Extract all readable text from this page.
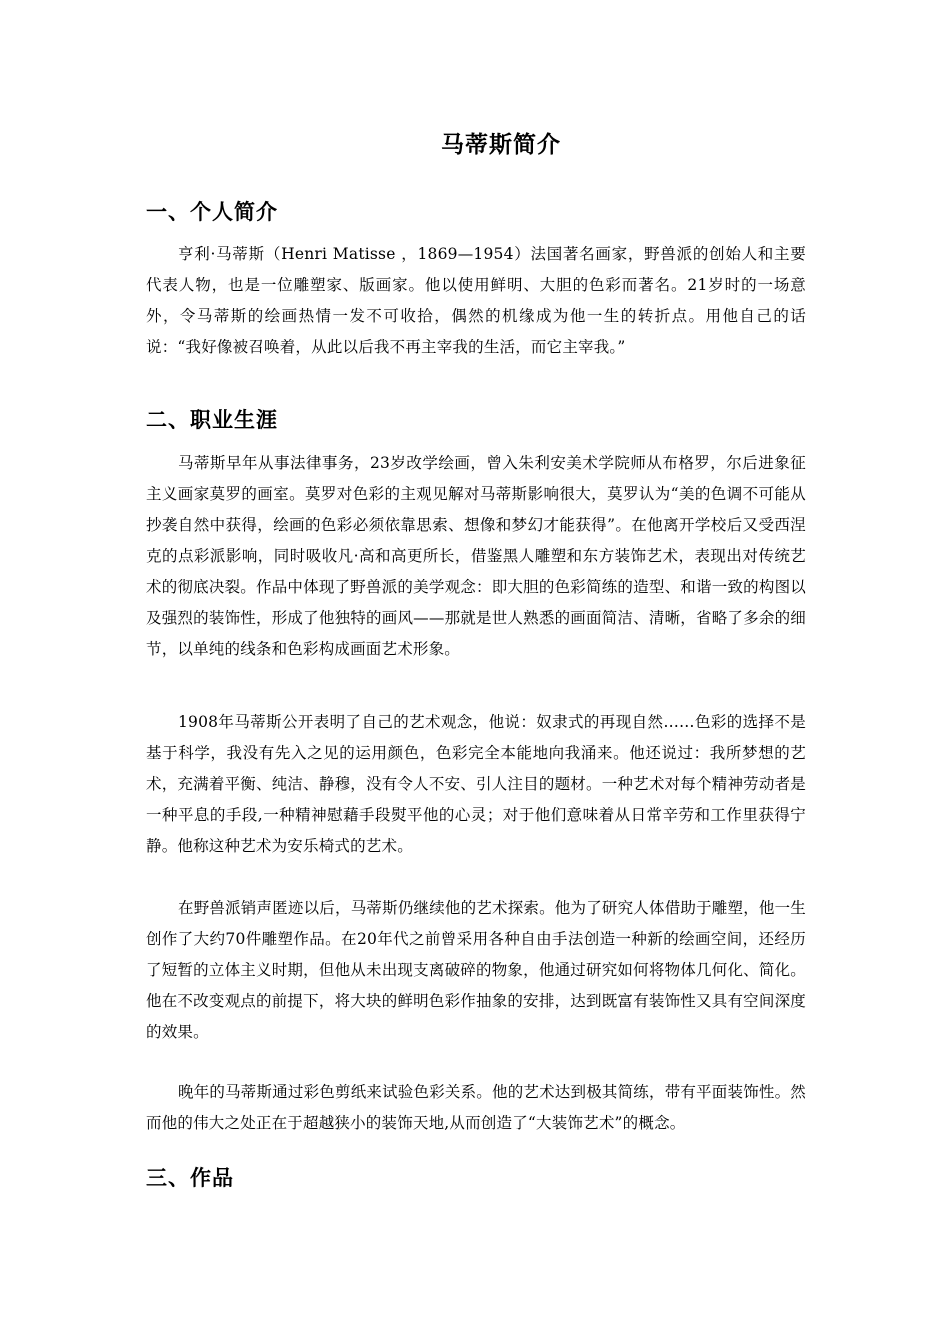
马蒂斯简介
一、个人简介

亨利·马蒂斯（Henri Matisse ，1869—1954）法国著名画家，野兽派的创始人和主要代表人物，也是一位雕塑家、版画家。他以使用鲜明、大胆的色彩而著名。21岁时的一场意外，令马蒂斯的绘画热情一发不可收拾，偶然的机缘成为他一生的转折点。用他自己的话说：“我好像被召唤着，从此以后我不再主宰我的生活，而它主宰我。”

二、职业生涯

马蒂斯早年从事法律事务，23岁改学绘画，曾入朱利安美术学院师从布格罗，尔后进象征主义画家莫罗的画室。莫罗对色彩的主观见解对马蒂斯影响很大，莫罗认为“美的色调不可能从抄袭自然中获得，绘画的色彩必须依靠思索、想像和梦幻才能获得”。在他离开学校后又受西涅克的点彩派影响，同时吸收凡·高和高更所长，借鉴黑人雕塑和东方装饰艺术，表现出对传统艺术的彻底决裂。作品中体现了野兽派的美学观念：即大胆的色彩简练的造型、和谐一致的构图以及强烈的装饰性，形成了他独特的画风——那就是世人熟悉的画面简洁、清晰，省略了多余的细节，以单纯的线条和色彩构成画面艺术形象。

1908年马蒂斯公开表明了自己的艺术观念，他说：奴隶式的再现自然……色彩的选择不是基于科学，我没有先入之见的运用颜色，色彩完全本能地向我涌来。他还说过：我所梦想的艺术，充满着平衡、纯洁、静穆，没有令人不安、引人注目的题材。一种艺术对每个精神劳动者是一种平息的手段,一种精神慰藉手段熨平他的心灵；对于他们意味着从日常辛劳和工作里获得宁静。他称这种艺术为安乐椅式的艺术。

在野兽派销声匿迹以后，马蒂斯仍继续他的艺术探索。他为了研究人体借助于雕塑，他一生创作了大约70件雕塑作品。在20年代之前曾采用各种自由手法创造一种新的绘画空间，还经历了短暂的立体主义时期，但他从未出现支离破碎的物象，他通过研究如何将物体几何化、简化。他在不改变观点的前提下，将大块的鲜明色彩作抽象的安排，达到既富有装饰性又具有空间深度的效果。

晚年的马蒂斯通过彩色剪纸来试验色彩关系。他的艺术达到极其简练，带有平面装饰性。然而他的伟大之处正在于超越狭小的装饰天地,从而创造了“大装饰艺术”的概念。

三、作品
